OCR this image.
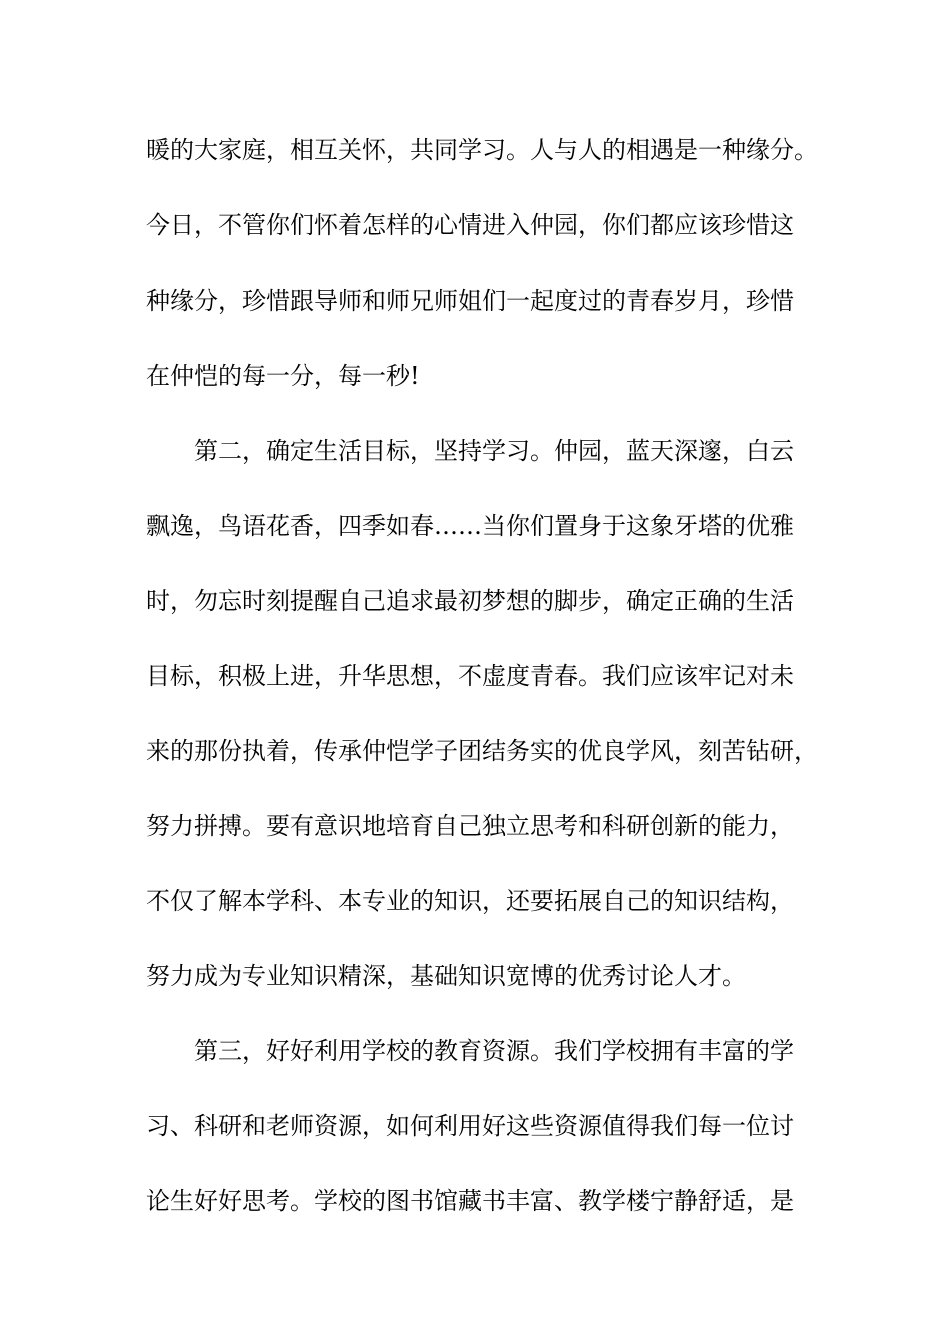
暖的大家庭，相互关怀，共同学习。人与人的相遇是一种缘分。
今日，不管你们怀着怎样的心情进入仲园，你们都应该珍惜这
种缘分，珍惜跟导师和师兄师姐们一起度过的青春岁月，珍惜
在仲恺的每一分，每一秒!
第二，确定生活目标，坚持学习。仲园，蓝天深邃，白云
飘逸，鸟语花香，四季如春……当你们置身于这象牙塔的优雅
时，勿忘时刻提醒自己追求最初梦想的脚步，确定正确的生活
目标，积极上进，升华思想，不虚度青春。我们应该牢记对未
来的那份执着，传承仲恺学子团结务实的优良学风，刻苦钻研，
努力拼搏。要有意识地培育自己独立思考和科研创新的能力，
不仅了解本学科、本专业的知识，还要拓展自己的知识结构，
努力成为专业知识精深，基础知识宽博的优秀讨论人才。
第三，好好利用学校的教育资源。我们学校拥有丰富的学
习、科研和老师资源，如何利用好这些资源值得我们每一位讨
论生好好思考。学校的图书馆藏书丰富、教学楼宁静舒适，是
